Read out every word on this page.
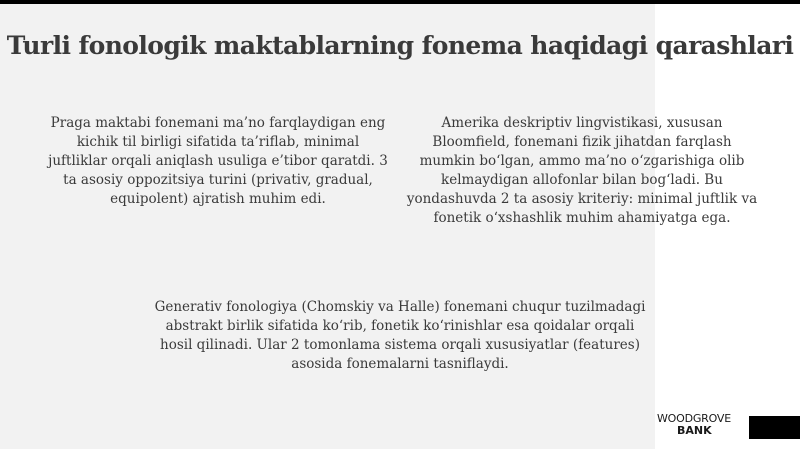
Turli fonologik maktablarning fonema haqidagi qarashlari

Praga maktabi fonemani ma’no farqlaydigan eng kichik til birligi sifatida ta’riflab, minimal juftliklar orqali aniqlash usuliga e’tibor qaratdi. 3 ta asosiy oppozitsiya turini (privativ, gradual, equipolent) ajratish muhim edi.

Amerika deskriptiv lingvistikasi, xususan Bloomfield, fonemani fizik jihatdan farqlash mumkin bo‘lgan, ammo ma’no o‘zgarishiga olib kelmaydigan allofonlar bilan bog‘ladi. Bu yondashuvda 2 ta asosiy kriteriy: minimal juftlik va fonetik o‘xshashlik muhim ahamiyatga ega.

Generativ fonologiya (Chomskiy va Halle) fonemani chuqur tuzilmadagi abstrakt birlik sifatida ko‘rib, fonetik ko‘rinishlar esa qoidalar orqali hosil qilinadi. Ular 2 tomonlama sistema orqali xususiyatlar (features) asosida fonemalarni tasniflaydi.

WOODGROVE
BANK
